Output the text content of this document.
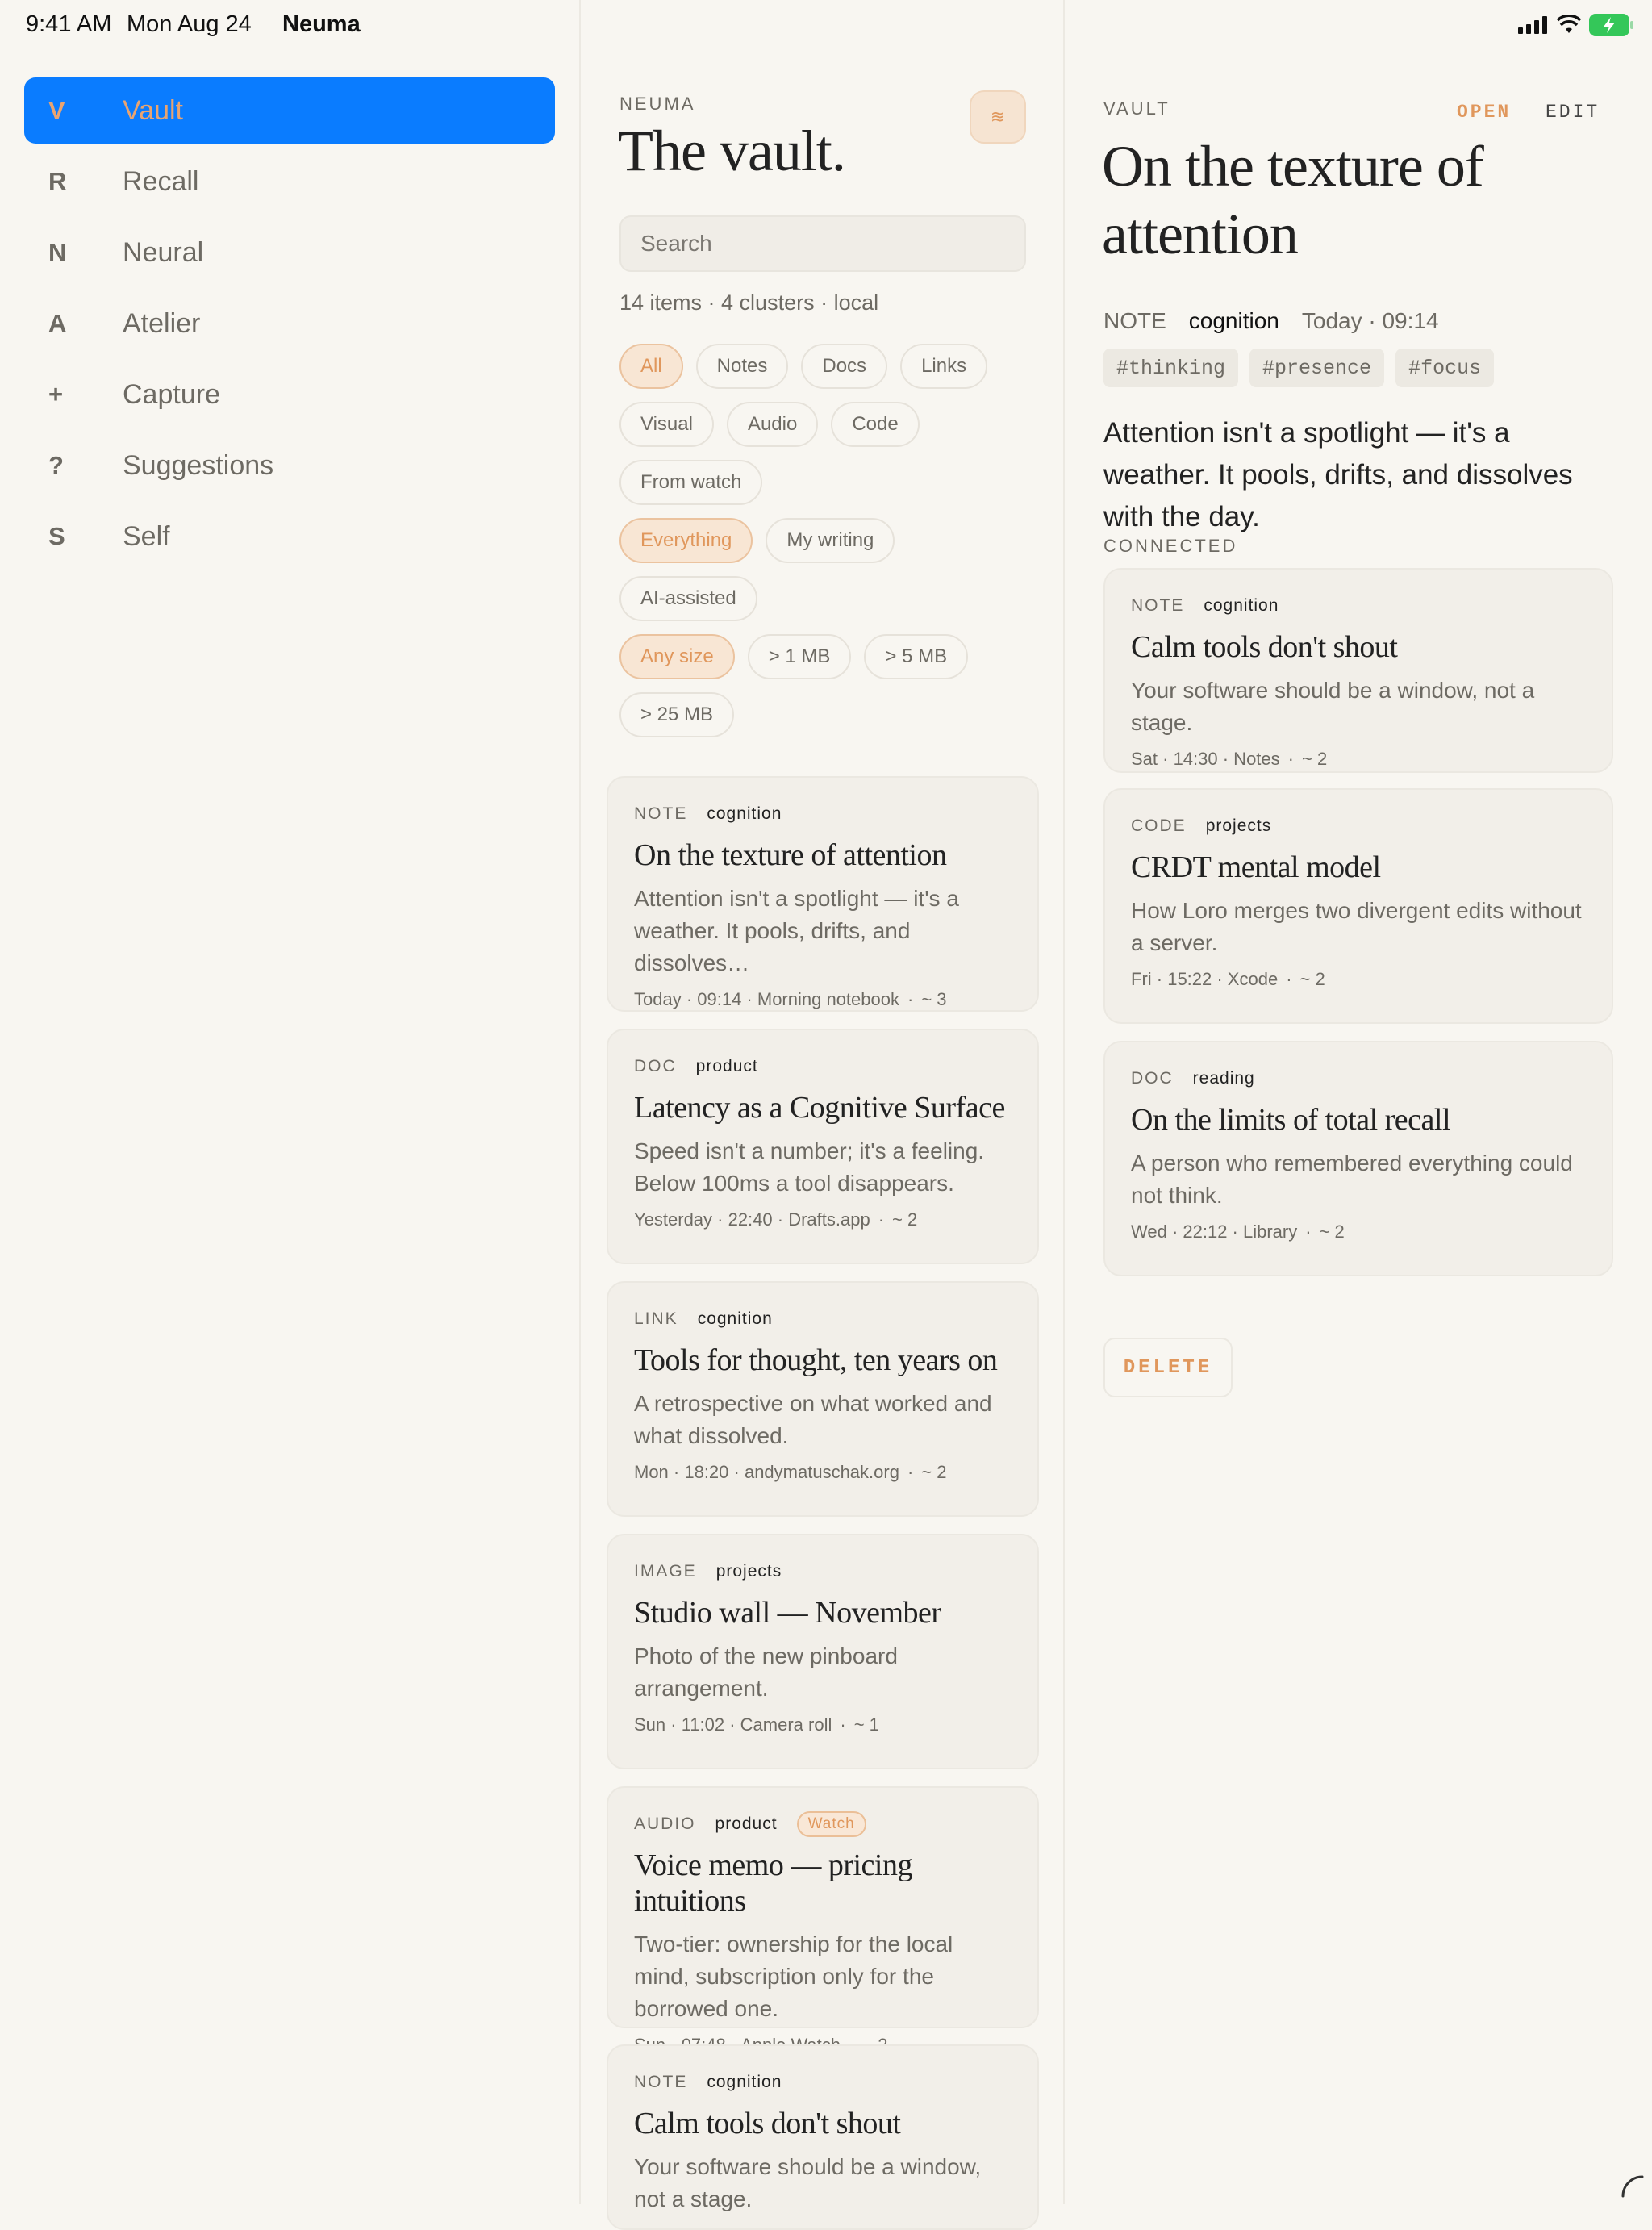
9:41 AM Mon Aug 24 Neuma
V	Vault
R	Recall
N	Neural
A	Atelier
+	Capture
?	Suggestions
S	Self
NEUMA
The vault.
≋
Search
14 items · 4 clusters · local
All	Notes	Docs	Links
Visual	Audio	Code
From watch
Everything	My writing
AI-assisted
Any size	> 1 MB	> 5 MB
> 25 MB
NOTE cognition
On the texture of attention
Attention isn't a spotlight — it's a weather. It pools, drifts, and dissolves…
Today · 09:14 · Morning notebook · ~ 3
DOC product
Latency as a Cognitive Surface
Speed isn't a number; it's a feeling. Below 100ms a tool disappears.
Yesterday · 22:40 · Drafts.app · ~ 2
LINK cognition
Tools for thought, ten years on
A retrospective on what worked and what dissolved.
Mon · 18:20 · andymatuschak.org · ~ 2
IMAGE projects
Studio wall — November
Photo of the new pinboard arrangement.
Sun · 11:02 · Camera roll · ~ 1
AUDIO product	Watch
Voice memo — pricing intuitions
Two-tier: ownership for the local mind, subscription only for the borrowed one.
NOTE cognition
Calm tools don't shout
Your software should be a window, not a stage.
VAULT	OPEN EDIT
On the texture of attention
NOTE cognition Today · 09:14
#thinking	#presence	#focus
Attention isn't a spotlight — it's a weather. It pools, drifts, and dissolves with the day.
CONNECTED
NOTE cognition
Calm tools don't shout
Your software should be a window, not a stage.
Sat · 14:30 · Notes · ~ 2
CODE projects
CRDT mental model
How Loro merges two divergent edits without a server.
Fri · 15:22 · Xcode · ~ 2
DOC reading
On the limits of total recall
A person who remembered everything could not think.
Wed · 22:12 · Library · ~ 2
DELETE
